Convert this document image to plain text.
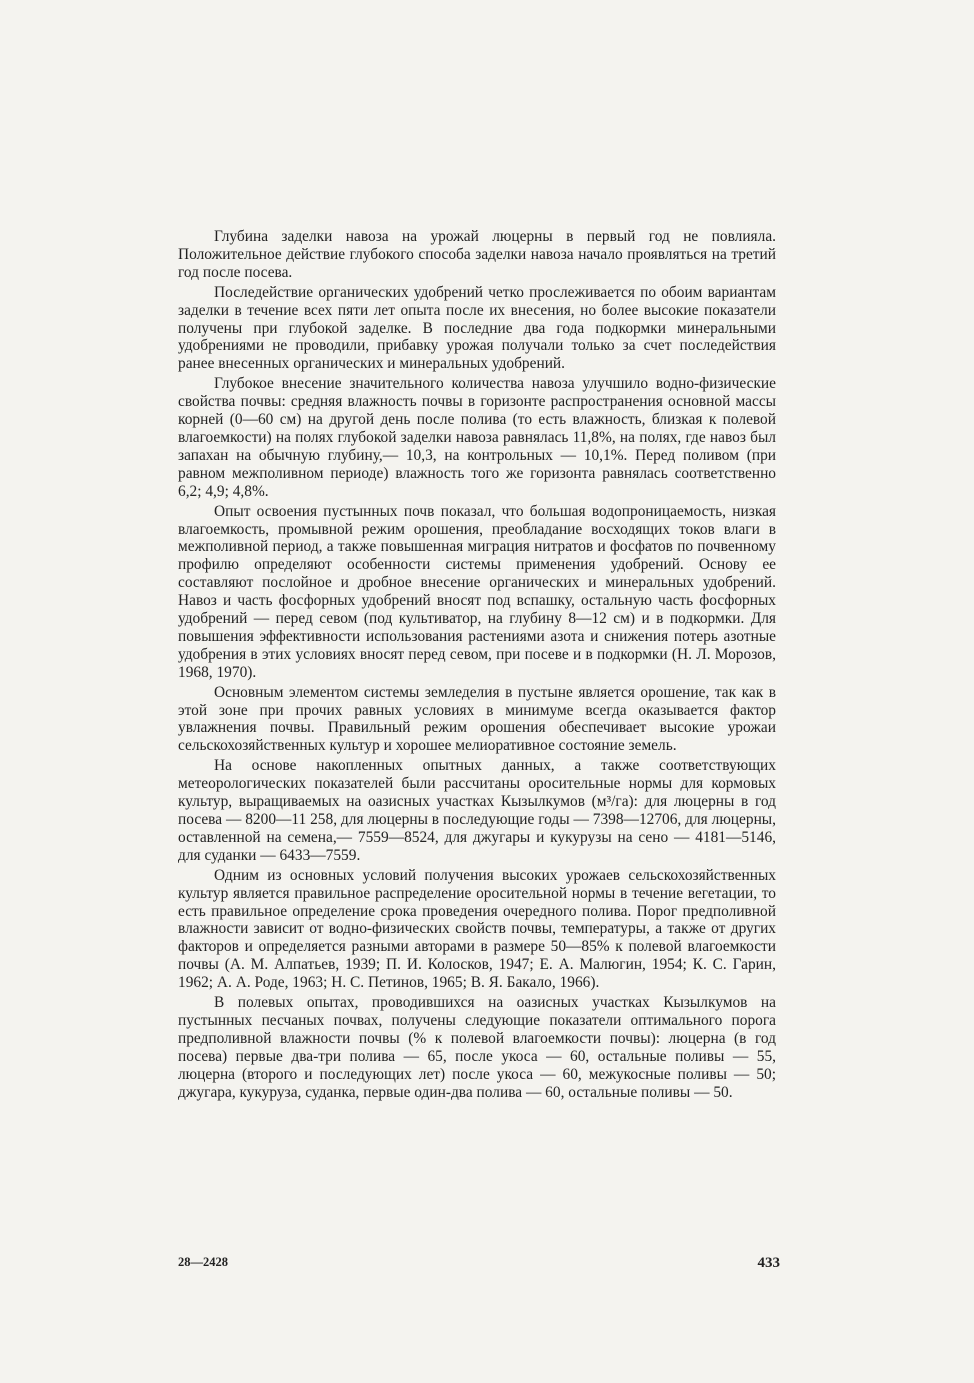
Глубина заделки навоза на урожай люцерны в первый год не повлияла. Положительное действие глубокого способа заделки навоза начало проявляться на третий год после посева.

Последействие органических удобрений четко прослеживается по обоим вариантам заделки в течение всех пяти лет опыта после их внесения, но более высокие показатели получены при глубокой заделке. В последние два года подкормки минеральными удобрениями не проводили, прибавку урожая получали только за счет последействия ранее внесенных органических и минеральных удобрений.

Глубокое внесение значительного количества навоза улучшило водно-физические свойства почвы: средняя влажность почвы в горизонте распространения основной массы корней (0—60 см) на другой день после полива (то есть влажность, близкая к полевой влагоемкости) на полях глубокой заделки навоза равнялась 11,8%, на полях, где навоз был запахан на обычную глубину,— 10,3, на контрольных — 10,1%. Перед поливом (при равном межполивном периоде) влажность того же горизонта равнялась соответственно 6,2; 4,9; 4,8%.

Опыт освоения пустынных почв показал, что большая водопроницаемость, низкая влагоемкость, промывной режим орошения, преобладание восходящих токов влаги в межполивной период, а также повышенная миграция нитратов и фосфатов по почвенному профилю определяют особенности системы применения удобрений. Основу ее составляют послойное и дробное внесение органических и минеральных удобрений. Навоз и часть фосфорных удобрений вносят под вспашку, остальную часть фосфорных удобрений — перед севом (под культиватор, на глубину 8—12 см) и в подкормки. Для повышения эффективности использования растениями азота и снижения потерь азотные удобрения в этих условиях вносят перед севом, при посеве и в подкормки (Н. Л. Морозов, 1968, 1970).

Основным элементом системы земледелия в пустыне является орошение, так как в этой зоне при прочих равных условиях в минимуме всегда оказывается фактор увлажнения почвы. Правильный режим орошения обеспечивает высокие урожаи сельскохозяйственных культур и хорошее мелиоративное состояние земель.

На основе накопленных опытных данных, а также соответствующих метеорологических показателей были рассчитаны оросительные нормы для кормовых культур, выращиваемых на оазисных участках Кызылкумов (м³/га): для люцерны в год посева — 8200—11 258, для люцерны в последующие годы — 7398—12706, для люцерны, оставленной на семена,— 7559—8524, для джугары и кукурузы на сено — 4181—5146, для суданки — 6433—7559.

Одним из основных условий получения высоких урожаев сельскохозяйственных культур является правильное распределение оросительной нормы в течение вегетации, то есть правильное определение срока проведения очередного полива. Порог предполивной влажности зависит от водно-физических свойств почвы, температуры, а также от других факторов и определяется разными авторами в размере 50—85% к полевой влагоемкости почвы (А. М. Алпатьев, 1939; П. И. Колосков, 1947; Е. А. Малюгин, 1954; К. С. Гарин, 1962; А. А. Роде, 1963; Н. С. Петинов, 1965; В. Я. Бакало, 1966).

В полевых опытах, проводившихся на оазисных участках Кызылкумов на пустынных песчаных почвах, получены следующие показатели оптимального порога предполивной влажности почвы (% к полевой влагоемкости почвы): люцерна (в год посева) первые два-три полива — 65, после укоса — 60, остальные поливы — 55, люцерна (второго и последующих лет) после укоса — 60, межукосные поливы — 50; джугара, кукуруза, суданка, первые один-два полива — 60, остальные поливы — 50.

28—2428	433
